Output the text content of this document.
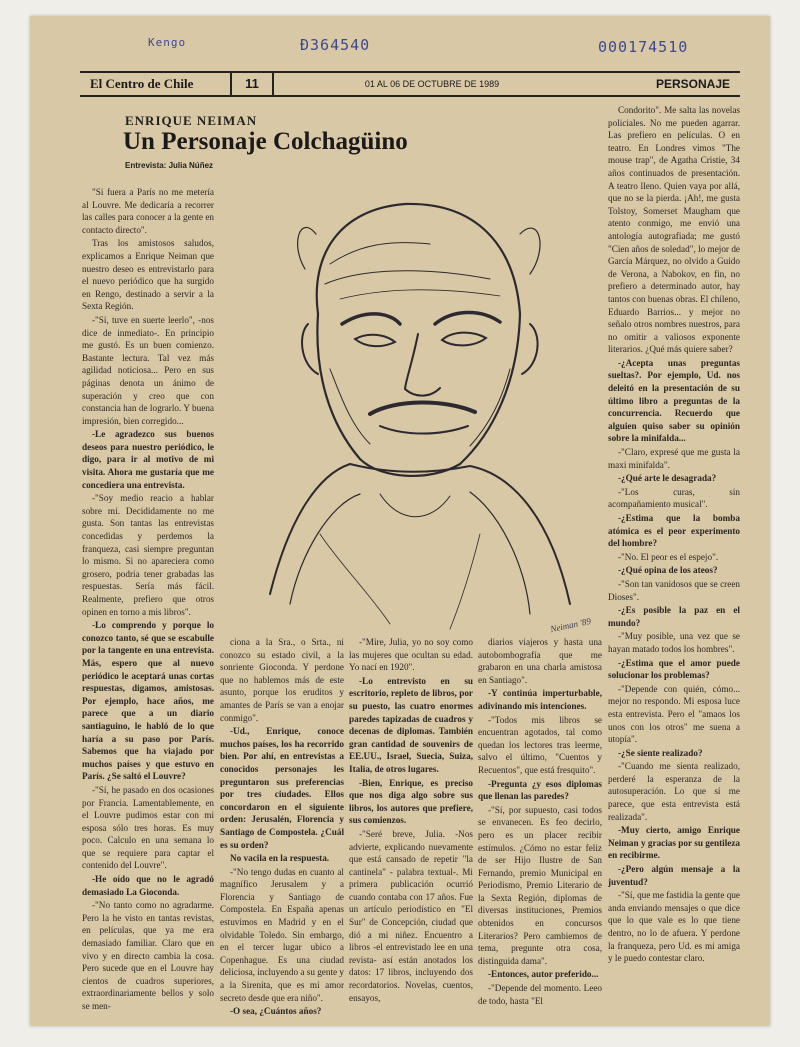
Kengo	Ɖ364540	000174510
El Centro de Chile	11	01 AL 06 DE OCTUBRE DE 1989	PERSONAJE
ENRIQUE NEIMAN
Un Personaje Colchagüino
Entrevista: Julia Núñez
Neiman '89

"Si fuera a París no me metería al Louvre. Me dedicaría a recorrer las calles para conocer a la gente en contacto directo".

Tras los amistosos saludos, explicamos a Enrique Neiman que nuestro deseo es entrevistarlo para el nuevo periódico que ha surgido en Rengo, destinado a servir a la Sexta Región.

-"Sí, tuve en suerte leerlo", -nos dice de inmediato-. En principio me gustó. Es un buen comienzo. Bastante lectura. Tal vez más agilidad noticiosa... Pero en sus páginas denota un ánimo de superación y creo que con constancia han de lograrlo. Y buena impresión, bien corregido...

-Le agradezco sus buenos deseos para nuestro periódico, le digo, para ir al motivo de mi visita. Ahora me gustaría que me concediera una entrevista.

-"Soy medio reacio a hablar sobre mí. Decididamente no me gusta. Son tantas las entrevistas concedidas y perdemos la franqueza, casi siempre preguntan lo mismo. Si no apareciera como grosero, podría tener grabadas las respuestas. Sería más fácil. Realmente, prefiero que otros opinen en torno a mis libros".

-Lo comprendo y porque lo conozco tanto, sé que se escabulle por la tangente en una entrevista. Más, espero que al nuevo periódico le aceptará unas cortas respuestas, digamos, amistosas. Por ejemplo, hace años, me parece que a un diario santiaguino, le habló de lo que haría a su paso por París. Sabemos que ha viajado por muchos países y que estuvo en París. ¿Se saltó el Louvre?

-"Sí, he pasado en dos ocasiones por Francia. Lamentablemente, en el Louvre pudimos estar con mi esposa sólo tres horas. Es muy poco. Calculo en una semana lo que se requiere para captar el contenido del Louvre".

-He oído que no le agradó demasiado La Gioconda.

-"No tanto como no agradarme. Pero la he visto en tantas revistas, en películas, que ya me era demasiado familiar. Claro que en vivo y en directo cambia la cosa. Pero sucede que en el Louvre hay cientos de cuadros superiores, extraordinariamente bellos y solo se men-

ciona a la Sra., o Srta., ni conozco su estado civil, a la sonriente Gioconda. Y perdone que no hablemos más de este asunto, porque los eruditos y amantes de París se van a enojar conmigo".

-Ud., Enrique, conoce muchos países, los ha recorrido bien. Por ahí, en entrevistas a conocidos personajes les preguntaron sus preferencias por tres ciudades. Ellos concordaron en el siguiente orden: Jerusalén, Florencia y Santiago de Compostela. ¿Cuál es su orden?

No vacila en la respuesta.

-"No tengo dudas en cuanto al magnífico Jerusalem y a Florencia y Santiago de Compostela. En España apenas estuvimos en Madrid y en el olvidable Toledo. Sin embargo, en el tercer lugar ubico a Copenhague. Es una ciudad deliciosa, incluyendo a su gente y a la Sirenita, que es mi amor secreto desde que era niño".

-O sea, ¿Cuántos años?

-"Mire, Julia, yo no soy como las mujeres que ocultan su edad. Yo nací en 1920".

-Lo entrevisto en su escritorio, repleto de libros, por su puesto, las cuatro enormes paredes tapizadas de cuadros y decenas de diplomas. También gran cantidad de souvenirs de EE.UU., Israel, Suecia, Suiza, Italia, de otros lugares.

-Bien, Enrique, es preciso que nos diga algo sobre sus libros, los autores que prefiere, sus comienzos.

-"Seré breve, Julia. -Nos advierte, explicando nuevamente que está cansado de repetir "la cantinela" - palabra textual-. Mi primera publicación ocurrió cuando contaba con 17 años. Fue un artículo periodístico en "El Sur" de Concepción, ciudad que dió a mi niñez. Encuentro a libros -el entrevistado lee en una revista- así están anotados los datos: 17 libros, incluyendo dos recordatorios. Novelas, cuentos, ensayos,

diarios viajeros y hasta una autobombografía que me grabaron en una charla amistosa en Santiago".

-Y continúa imperturbable, adivinando mis intenciones.

-"Todos mis libros se encuentran agotados, tal como quedan los lectores tras leerme, salvo el último, "Cuentos y Recuentos", que está fresquito".

-Pregunta ¿y esos diplomas que llenan las paredes?

-"Sí, por supuesto, casi todos se envanecen. Es feo decirlo, pero es un placer recibir estímulos. ¿Cómo no estar feliz de ser Hijo Ilustre de San Fernando, premio Municipal en Periodismo, Premio Literario de la Sexta Región, diplomas de diversas instituciones, Premios obtenidos en concursos Literarios? Pero cambiemos de tema, pregunte otra cosa, distinguida dama".

-Entonces, autor preferido...

-"Depende del momento. Leeo de todo, hasta "El

Condorito". Me salta las novelas policiales. No me pueden agarrar. Las prefiero en películas. O en teatro. En Londres vimos "The mouse trap", de Agatha Cristie, 34 años continuados de presentación. A teatro lleno. Quien vaya por allá, que no se la pierda. ¡Ah!, me gusta Tolstoy, Somerset Maugham que atento conmigo, me envió una antología autografiada; me gustó "Cien años de soledad", lo mejor de García Márquez, no olvido a Guido de Verona, a Nabokov, en fin, no prefiero a determinado autor, hay tantos con buenas obras. El chileno, Eduardo Barrios... y mejor no señalo otros nombres nuestros, para no omitir a valiosos exponente literarios. ¿Qué más quiere saber?

-¿Acepta unas preguntas sueltas?. Por ejemplo, Ud. nos deleitó en la presentación de su último libro a preguntas de la concurrencia. Recuerdo que alguien quiso saber su opinión sobre la minifalda...

-"Claro, expresé que me gusta la maxi minifalda".

-¿Qué arte le desagrada?

-"Los curas, sin acompañamiento musical".

-¿Estima que la bomba atómica es el peor experimento del hombre?

-"No. El peor es el espejo".

-¿Qué opina de los ateos?

-"Son tan vanidosos que se creen Dioses".

-¿Es posible la paz en el mundo?

-"Muy posible, una vez que se hayan matado todos los hombres".

-¿Estima que el amor puede solucionar los problemas?

-"Depende con quién, cómo... mejor no respondo. Mi esposa luce esta entrevista. Pero el "amaos los unos con los otros" me suena a utopía".

-¿Se siente realizado?

-"Cuando me sienta realizado, perderé la esperanza de la autosuperación. Lo que sí me parece, que esta entrevista está realizada".

-Muy cierto, amigo Enrique Neiman y gracias por su gentileza en recibirme.

-¿Pero algún mensaje a la juventud?

-"Sí, que me fastidia la gente que anda enviando mensajes o que dice que lo que vale es lo que tiene dentro, no lo de afuera. Y perdone la franqueza, pero Ud. es mi amiga y le puedo contestar claro.
